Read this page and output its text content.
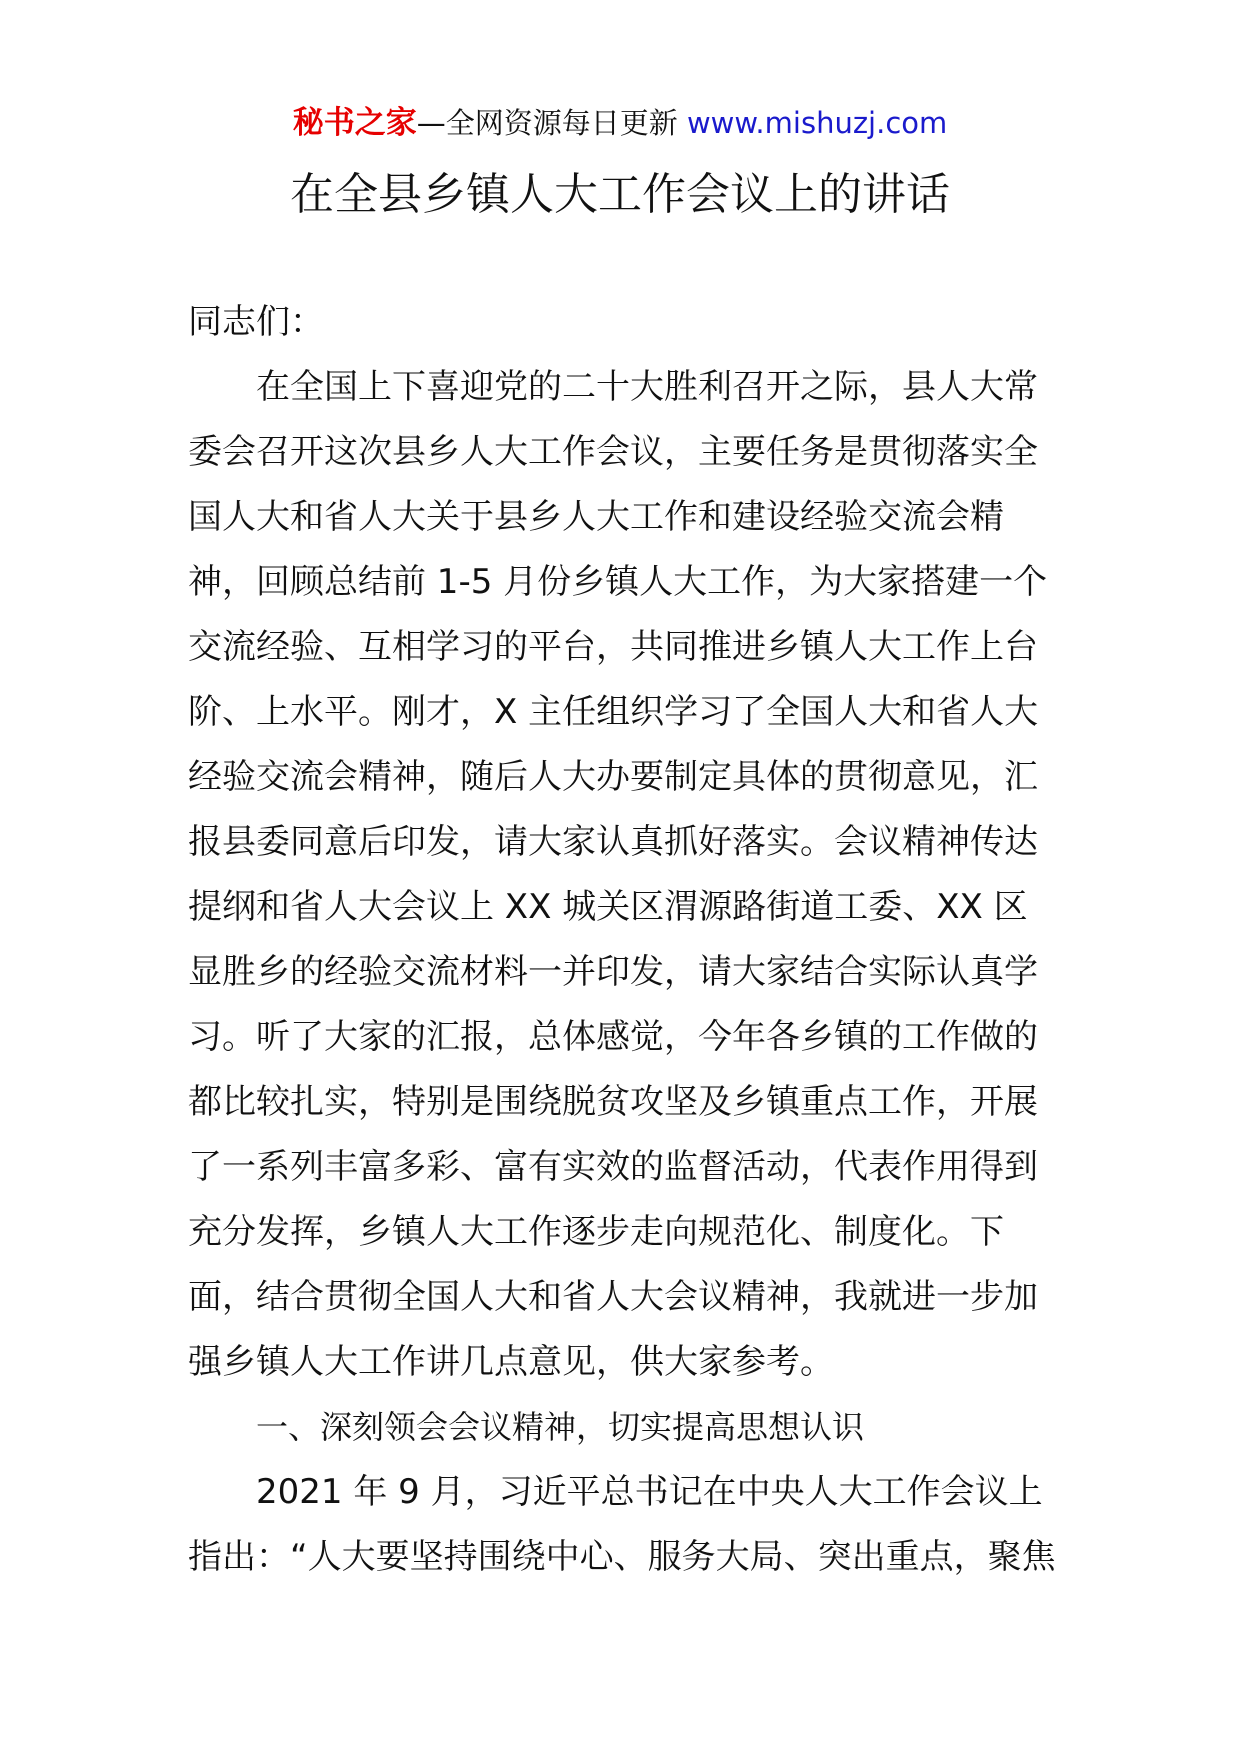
秘书之家—全网资源每日更新 www.mishuzj.com
在全县乡镇人大工作会议上的讲话

同志们：

在全国上下喜迎党的二十大胜利召开之际，县人大常委会召开这次县乡人大工作会议，主要任务是贯彻落实全国人大和省人大关于县乡人大工作和建设经验交流会精神，回顾总结前 1-5 月份乡镇人大工作，为大家搭建一个交流经验、互相学习的平台，共同推进乡镇人大工作上台阶、上水平。刚才，X 主任组织学习了全国人大和省人大经验交流会精神，随后人大办要制定具体的贯彻意见，汇报县委同意后印发，请大家认真抓好落实。会议精神传达提纲和省人大会议上 XX 城关区渭源路街道工委、XX 区显胜乡的经验交流材料一并印发，请大家结合实际认真学习。听了大家的汇报，总体感觉，今年各乡镇的工作做的都比较扎实，特别是围绕脱贫攻坚及乡镇重点工作，开展了一系列丰富多彩、富有实效的监督活动，代表作用得到充分发挥，乡镇人大工作逐步走向规范化、制度化。下面，结合贯彻全国人大和省人大会议精神，我就进一步加强乡镇人大工作讲几点意见，供大家参考。

一、深刻领会会议精神，切实提高思想认识

2021 年 9 月，习近平总书记在中央人大工作会议上指出：“人大要坚持围绕中心、服务大局、突出重点，聚焦
